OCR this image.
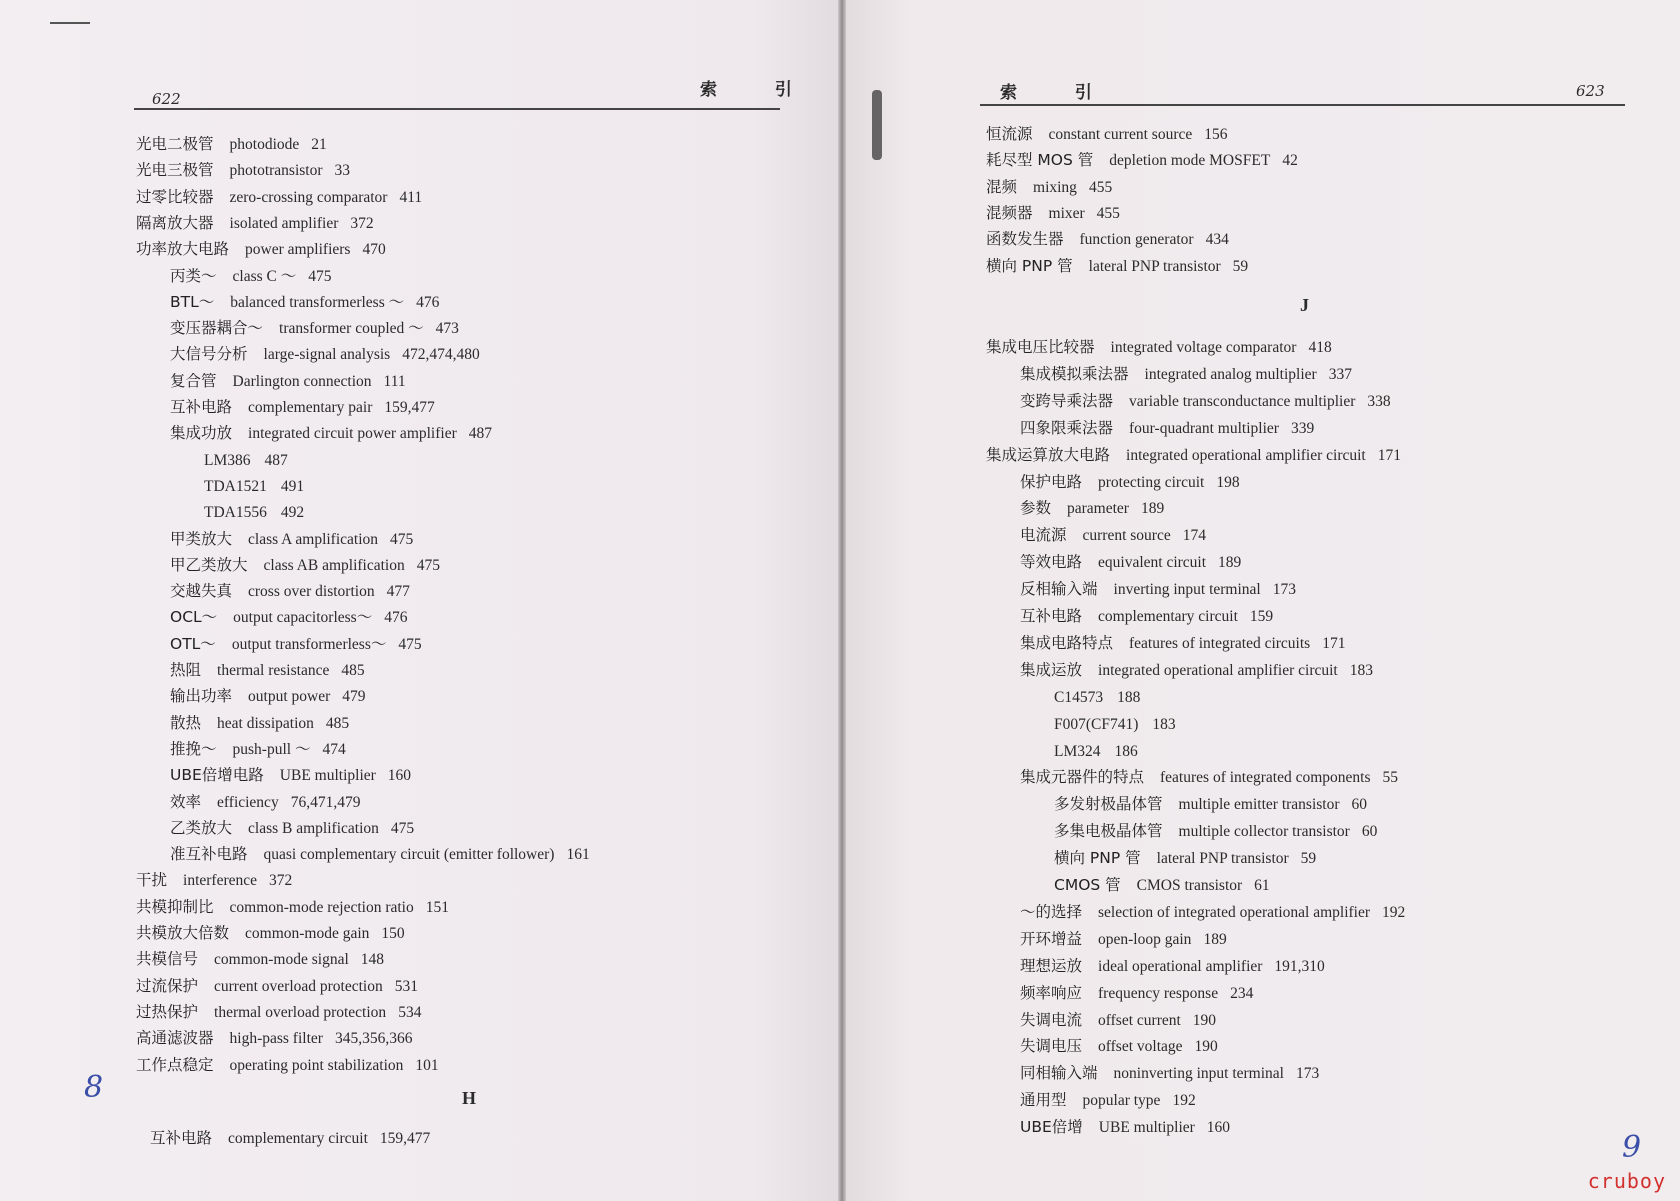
622	索 引	索 引	623
光电二极管 photodiode 21
光电三极管 phototransistor 33
过零比较器 zero-crossing comparator 411
隔离放大器 isolated amplifier 372
功率放大电路 power amplifiers 470
丙类～ class C ～ 475
BTL～ balanced transformerless ～ 476
变压器耦合～ transformer coupled ～ 473
大信号分析 large-signal analysis 472,474,480
复合管 Darlington connection 111
互补电路 complementary pair 159,477
集成功放 integrated circuit power amplifier 487
LM386 487
TDA1521 491
TDA1556 492
甲类放大 class A amplification 475
甲乙类放大 class AB amplification 475
交越失真 cross over distortion 477
OCL～ output capacitorless～ 476
OTL～ output transformerless～ 475
热阻 thermal resistance 485
输出功率 output power 479
散热 heat dissipation 485
推挽～ push-pull ～ 474
UBE倍增电路 UBE multiplier 160
效率 efficiency 76,471,479
乙类放大 class B amplification 475
准互补电路 quasi complementary circuit (emitter follower) 161
干扰 interference 372
共模抑制比 common-mode rejection ratio 151
共模放大倍数 common-mode gain 150
共模信号 common-mode signal 148
过流保护 current overload protection 531
过热保护 thermal overload protection 534
高通滤波器 high-pass filter 345,356,366
工作点稳定 operating point stabilization 101
H
互补电路 complementary circuit 159,477
恒流源 constant current source 156
耗尽型 MOS 管 depletion mode MOSFET 42
混频 mixing 455
混频器 mixer 455
函数发生器 function generator 434
横向 PNP 管 lateral PNP transistor 59
J
集成电压比较器 integrated voltage comparator 418
集成模拟乘法器 integrated analog multiplier 337
变跨导乘法器 variable transconductance multiplier 338
四象限乘法器 four-quadrant multiplier 339
集成运算放大电路 integrated operational amplifier circuit 171
保护电路 protecting circuit 198
参数 parameter 189
电流源 current source 174
等效电路 equivalent circuit 189
反相输入端 inverting input terminal 173
互补电路 complementary circuit 159
集成电路特点 features of integrated circuits 171
集成运放 integrated operational amplifier circuit 183
C14573 188
F007(CF741) 183
LM324 186
集成元器件的特点 features of integrated components 55
多发射极晶体管 multiple emitter transistor 60
多集电极晶体管 multiple collector transistor 60
横向 PNP 管 lateral PNP transistor 59
CMOS 管 CMOS transistor 61
～的选择 selection of integrated operational amplifier 192
开环增益 open-loop gain 189
理想运放 ideal operational amplifier 191,310
频率响应 frequency response 234
失调电流 offset current 190
失调电压 offset voltage 190
同相输入端 noninverting input terminal 173
通用型 popular type 192
UBE倍增 UBE multiplier 160
8
9
cruboy
